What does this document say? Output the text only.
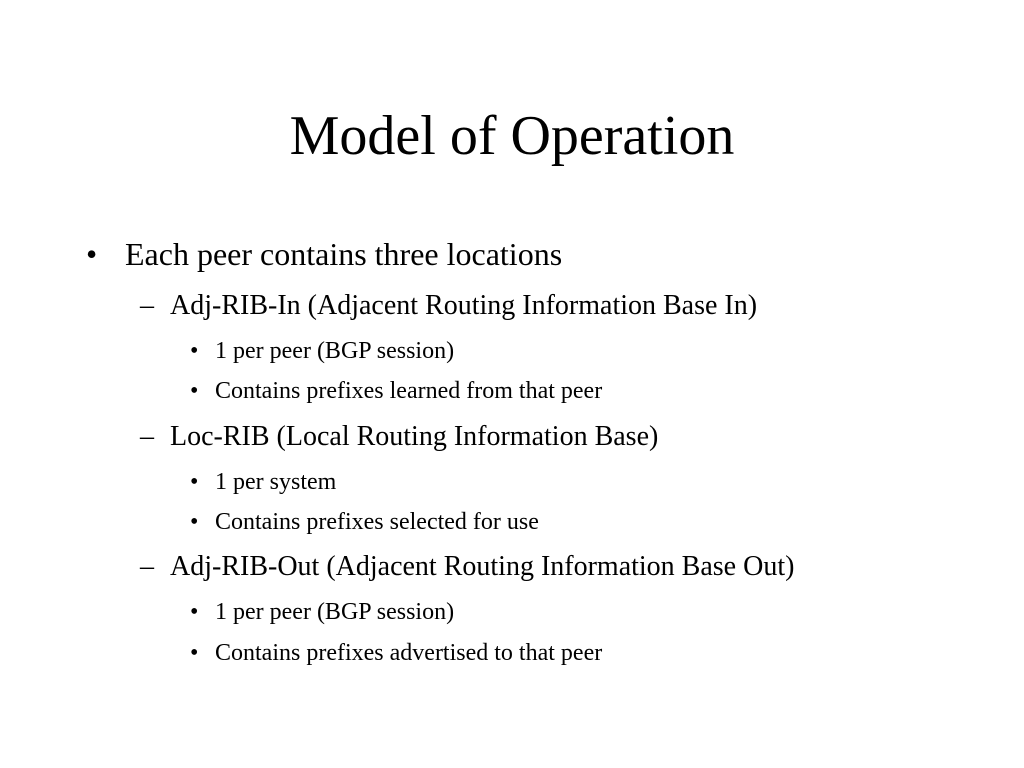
Model of Operation
• Each peer contains three locations
– Adj-RIB-In (Adjacent Routing Information Base In)
• 1 per peer (BGP session)
• Contains prefixes learned from that peer
– Loc-RIB (Local Routing Information Base)
• 1 per system
• Contains prefixes selected for use
– Adj-RIB-Out (Adjacent Routing Information Base Out)
• 1 per peer (BGP session)
• Contains prefixes advertised to that peer
